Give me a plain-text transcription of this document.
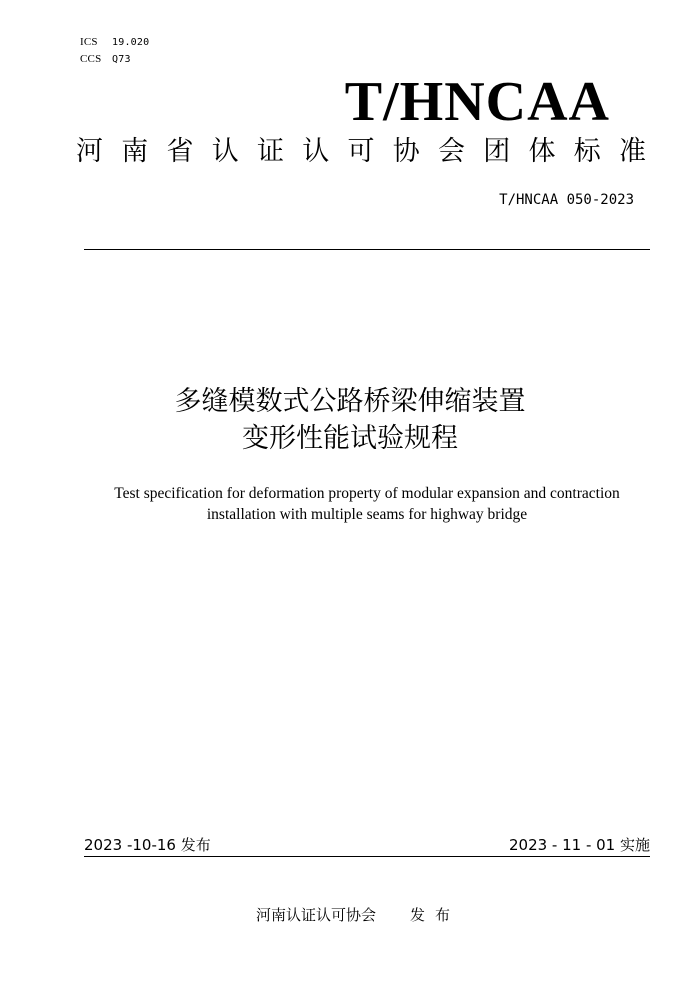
ICS 19.020
CCS Q73
T/HNCAA
河 南 省 认 证 认 可 协 会 团 体 标 准
T/HNCAA 050-2023
多缝模数式公路桥梁伸缩装置
变形性能试验规程
Test specification for deformation property of modular expansion and contraction
installation with multiple seams for highway bridge
2023 -10-16 发布	2023 - 11 - 01 实施
河南认证认可协会 发布
